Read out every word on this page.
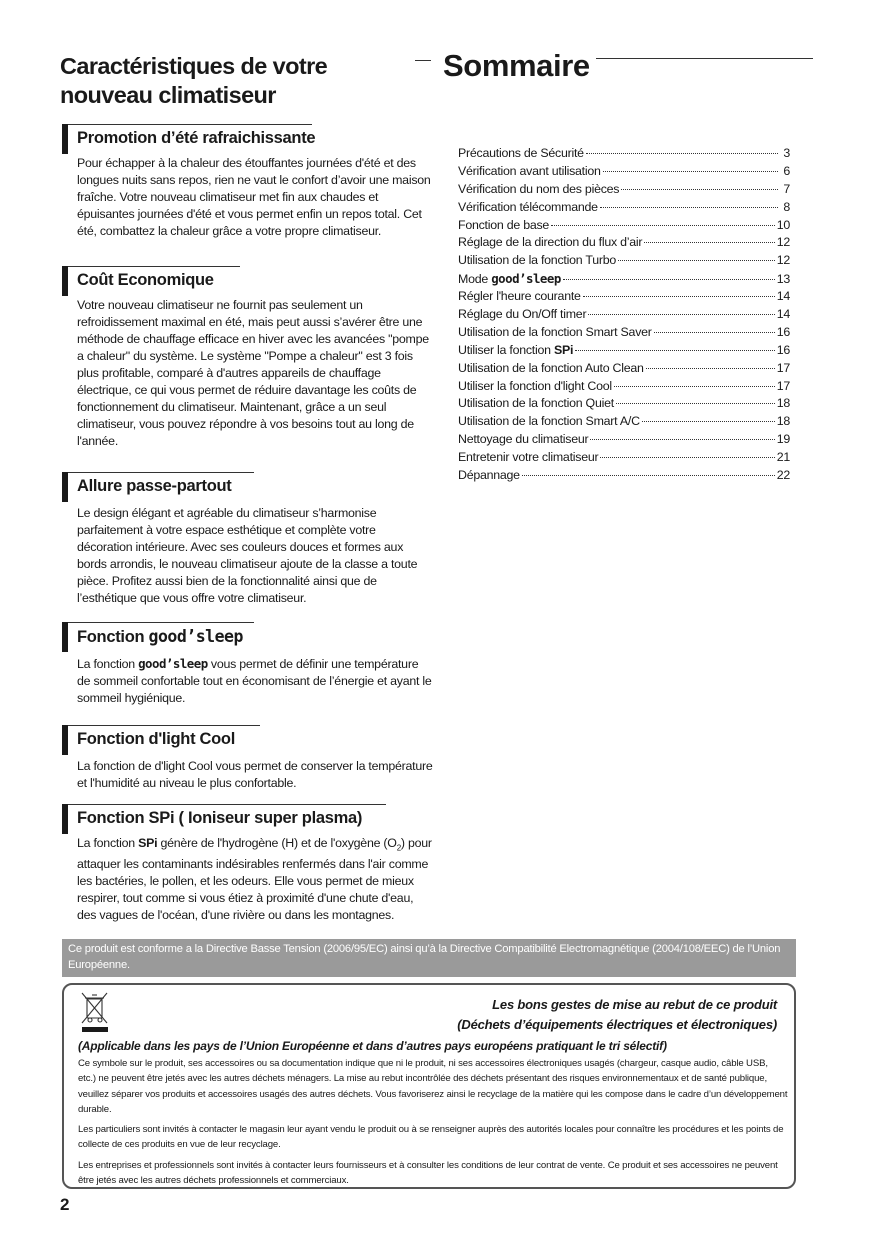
Caractéristiques de votre nouveau climatiseur
Sommaire
Promotion d’été rafraichissante
Pour échapper à la chaleur des étouffantes journées d'été et des longues nuits sans repos, rien ne vaut le confort d’avoir une maison fraîche. Votre nouveau climatiseur met fin aux chaudes et épuisantes journées d'été et vous permet enfin un repos total. Cet été, combattez la chaleur grâce a votre propre climatiseur.
Coût Economique
Votre nouveau climatiseur ne fournit pas seulement un refroidissement maximal en été, mais peut aussi s’avérer être une méthode de chauffage efficace en hiver avec les avancées "pompe a chaleur" du système. Le système "Pompe a chaleur" est 3 fois plus profitable, comparé à d'autres appareils de chauffage électrique, ce qui vous permet de réduire davantage les coûts de fonctionnement du climatiseur. Maintenant, grâce a un seul climatiseur, vous pouvez répondre à vos besoins tout au long de l'année.
Allure passe-partout
Le design élégant et agréable du climatiseur s’harmonise parfaitement à votre espace esthétique et complète votre décoration intérieure. Avec ses couleurs douces et formes aux bords arrondis, le nouveau climatiseur ajoute de la classe a toute pièce. Profitez aussi bien de la fonctionnalité ainsi que de l’esthétique que vous offre votre climatiseur.
Fonction good’sleep
La fonction good’sleep vous permet de définir une température de sommeil confortable tout en économisant de l’énergie et ayant le sommeil hygiénique.
Fonction d'light Cool
La fonction de d'light Cool vous permet de conserver la température et l'humidité au niveau le plus confortable.
Fonction SPi ( Ioniseur super plasma)
La fonction SPi génère de l'hydrogène (H) et de l'oxygène $(O_2)$ pour attaquer les contaminants indésirables renfermés dans l'air comme les bactéries, le pollen, et les odeurs. Elle vous permet de mieux respirer, tout comme si vous étiez à proximité d'une chute d'eau, des vagues de l'océan, d'une rivière ou dans les montagnes.
Précautions de Sécurité	3
Vérification avant utilisation	6
Vérification du nom des pièces	7
Vérification télécommande	8
Fonction de base	10
Réglage de la direction du flux d’air	12
Utilisation de la fonction Turbo	12
Mode good’sleep	13
Régler l'heure courante	14
Réglage du On/Off timer	14
Utilisation de la fonction Smart Saver	16
Utiliser la fonction SPi	16
Utilisation de la fonction Auto Clean	17
Utiliser la fonction d'light Cool	17
Utilisation de la fonction Quiet	18
Utilisation de la fonction Smart A/C	18
Nettoyage du climatiseur	19
Entretenir votre climatiseur	21
Dépannage	22
Ce produit est conforme a la Directive Basse Tension (2006/95/EC) ainsi qu’à la Directive Compatibilité Electromagnétique (2004/108/EEC) de l’Union Européenne.
Les bons gestes de mise au rebut de ce produit
(Déchets d’équipements électriques et électroniques)
(Applicable dans les pays de l’Union Européenne et dans d’autres pays européens pratiquant le tri sélectif)

Ce symbole sur le produit, ses accessoires ou sa documentation indique que ni le produit, ni ses accessoires électroniques usagés (chargeur, casque audio, câble USB, etc.) ne peuvent être jetés avec les autres déchets ménagers. La mise au rebut incontrôlée des déchets présentant des risques environnementaux et de santé publique, veuillez séparer vos produits et accessoires usagés des autres déchets. Vous favoriserez ainsi le recyclage de la matière qui les compose dans le cadre d’un développement durable.

Les particuliers sont invités à contacter le magasin leur ayant vendu le produit ou à se renseigner auprès des autorités locales pour connaître les procédures et les points de collecte de ces produits en vue de leur recyclage.

Les entreprises et professionnels sont invités à contacter leurs fournisseurs et à consulter les conditions de leur contrat de vente. Ce produit et ses accessoires ne peuvent être jetés avec les autres déchets professionnels et commerciaux.

2
